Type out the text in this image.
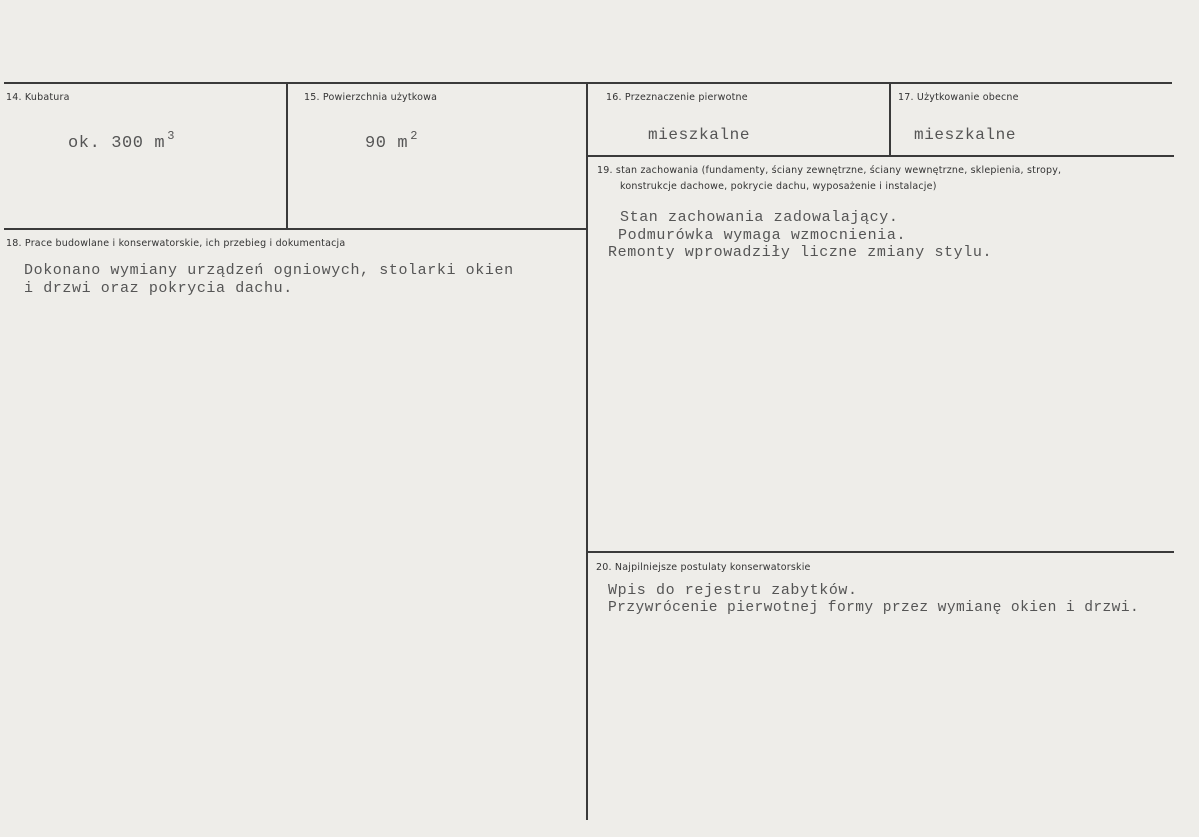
14. Kubatura
ok. 300 m $^3$
15. Powierzchnia użytkowa
90 m $^2$
16. Przeznaczenie pierwotne
mieszkalne
17. Użytkowanie obecne
mieszkalne
18. Prace budowlane i konserwatorskie, ich przebieg i dokumentacja
Dokonano wymiany urządzeń ogniowych, stolarki okien
i drzwi oraz pokrycia dachu.
19. stan zachowania (fundamenty, ściany zewnętrzne, ściany wewnętrzne, sklepienia, stropy,
konstrukcje dachowe, pokrycie dachu, wyposażenie i instalacje)
Stan zachowania zadowalający.
Podmurówka wymaga wzmocnienia.
Remonty wprowadziły liczne zmiany stylu.
20. Najpilniejsze postulaty konserwatorskie
Wpis do rejestru zabytków.
Przywrócenie pierwotnej formy przez wymianę okien i drzwi.
